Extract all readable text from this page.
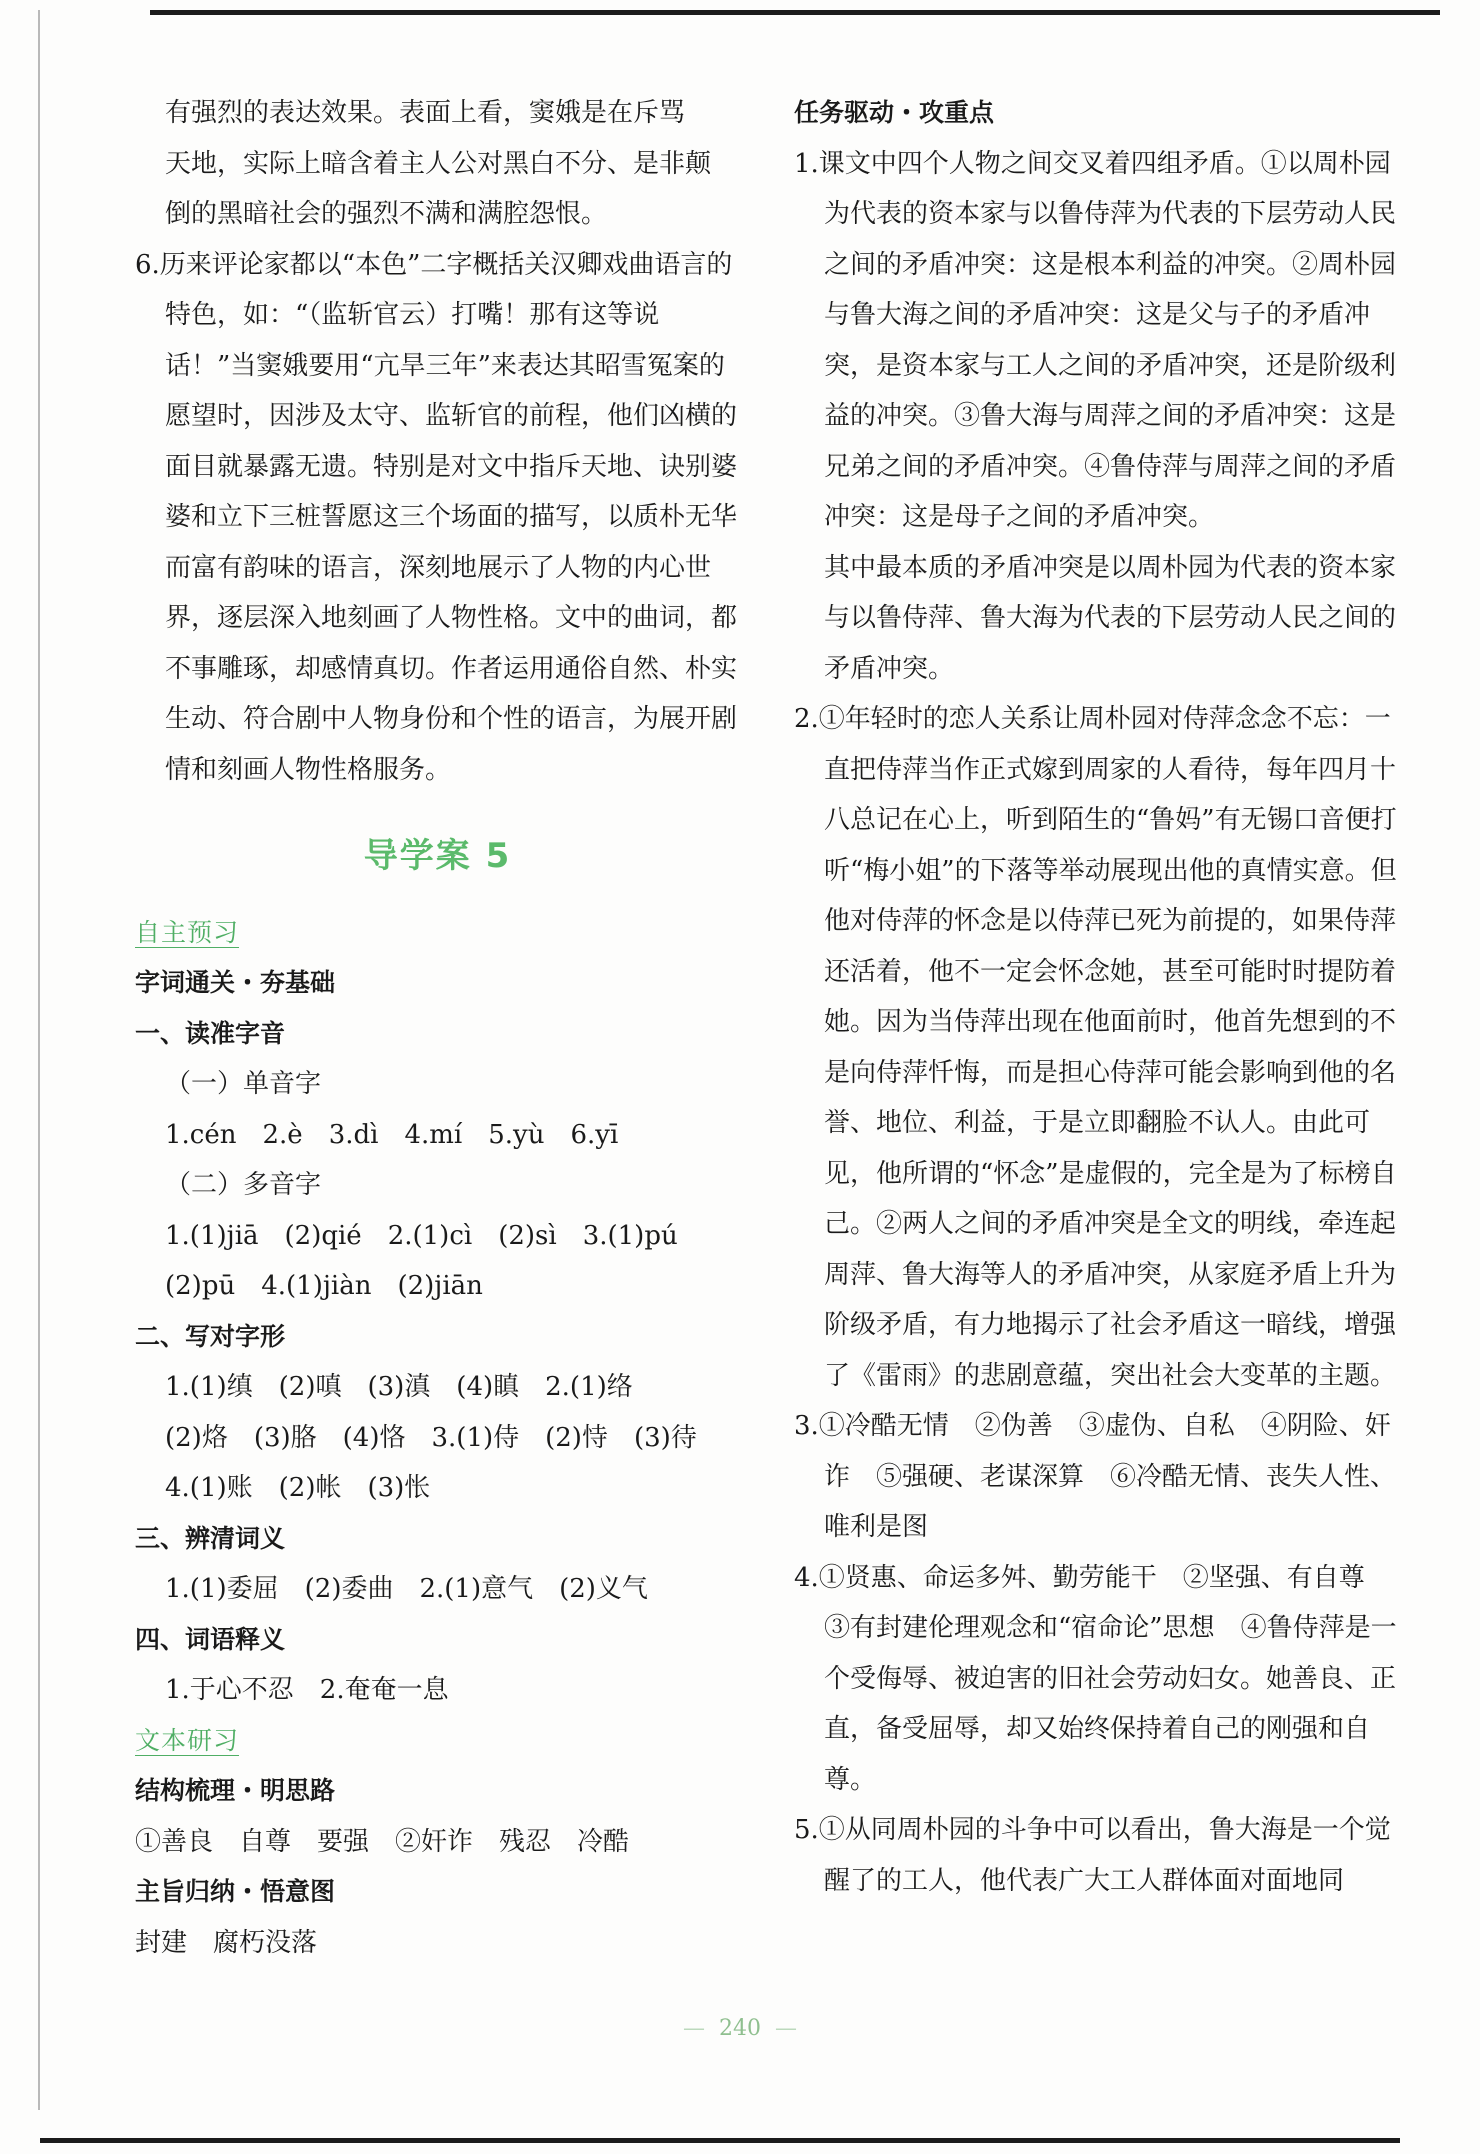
有强烈的表达效果。表面上看，窦娥是在斥骂

天地，实际上暗含着主人公对黑白不分、是非颠

倒的黑暗社会的强烈不满和满腔怨恨。

6.历来评论家都以“本色”二字概括关汉卿戏曲语言的特色，如：“（监斩官云）打嘴！那有这等说话！”当窦娥要用“亢旱三年”来表达其昭雪冤案的愿望时，因涉及太守、监斩官的前程，他们凶横的面目就暴露无遗。特别是对文中指斥天地、诀别婆婆和立下三桩誓愿这三个场面的描写，以质朴无华而富有韵味的语言，深刻地展示了人物的内心世界，逐层深入地刻画了人物性格。文中的曲词，都不事雕琢，却感情真切。作者运用通俗自然、朴实生动、符合剧中人物身份和个性的语言，为展开剧情和刻画人物性格服务。

导学案 5

自主预习

字词通关・夯基础

一、读准字音

（一）单音字

1.cén　2.è　3.dì　4.mí　5.yù　6.yī

（二）多音字

1.(1)jiā　(2)qié　2.(1)cì　(2)sì　3.(1)pú

(2)pū　4.(1)jiàn　(2)jiān

二、写对字形

1.(1)缜　(2)嗔　(3)滇　(4)瞋　2.(1)络

(2)烙　(3)胳　(4)恪　3.(1)侍　(2)恃　(3)待

4.(1)账　(2)帐　(3)怅

三、辨清词义

1.(1)委屈　(2)委曲　2.(1)意气　(2)义气

四、词语释义

1.于心不忍　2.奄奄一息

文本研习

结构梳理・明思路

①善良　自尊　要强　②奸诈　残忍　冷酷

主旨归纳・悟意图

封建　腐朽没落

任务驱动・攻重点

1.课文中四个人物之间交叉着四组矛盾。①以周朴园为代表的资本家与以鲁侍萍为代表的下层劳动人民之间的矛盾冲突：这是根本利益的冲突。②周朴园与鲁大海之间的矛盾冲突：这是父与子的矛盾冲突，是资本家与工人之间的矛盾冲突，还是阶级利益的冲突。③鲁大海与周萍之间的矛盾冲突：这是兄弟之间的矛盾冲突。④鲁侍萍与周萍之间的矛盾冲突：这是母子之间的矛盾冲突。

其中最本质的矛盾冲突是以周朴园为代表的资本家与以鲁侍萍、鲁大海为代表的下层劳动人民之间的矛盾冲突。

2.①年轻时的恋人关系让周朴园对侍萍念念不忘：一直把侍萍当作正式嫁到周家的人看待，每年四月十八总记在心上，听到陌生的“鲁妈”有无锡口音便打听“梅小姐”的下落等举动展现出他的真情实意。但他对侍萍的怀念是以侍萍已死为前提的，如果侍萍还活着，他不一定会怀念她，甚至可能时时提防着她。因为当侍萍出现在他面前时，他首先想到的不是向侍萍忏悔，而是担心侍萍可能会影响到他的名誉、地位、利益，于是立即翻脸不认人。由此可见，他所谓的“怀念”是虚假的，完全是为了标榜自己。②两人之间的矛盾冲突是全文的明线，牵连起周萍、鲁大海等人的矛盾冲突，从家庭矛盾上升为阶级矛盾，有力地揭示了社会矛盾这一暗线，增强了《雷雨》的悲剧意蕴，突出社会大变革的主题。

3.①冷酷无情　②伪善　③虚伪、自私　④阴险、奸诈　⑤强硬、老谋深算　⑥冷酷无情、丧失人性、唯利是图

4.①贤惠、命运多舛、勤劳能干　②坚强、有自尊　③有封建伦理观念和“宿命论”思想　④鲁侍萍是一个受侮辱、被迫害的旧社会劳动妇女。她善良、正直，备受屈辱，却又始终保持着自己的刚强和自尊。

5.①从同周朴园的斗争中可以看出，鲁大海是一个觉醒了的工人，他代表广大工人群体面对面地同

— 240 —
